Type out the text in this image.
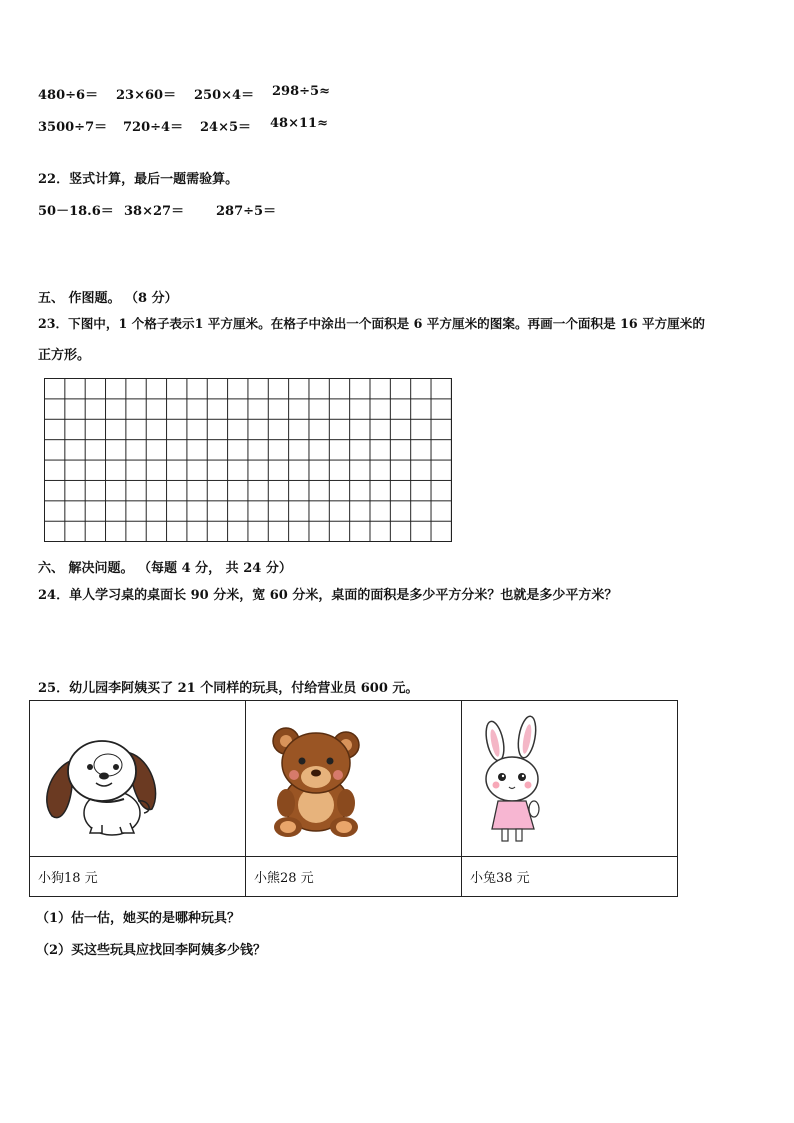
480÷6＝	23×60＝	250×4＝	298÷5≈
3500÷7＝	720÷4＝	24×5＝	48×11≈
22．竖式计算，最后一题需验算。
50－18.6＝ 38×27＝	287÷5＝
五、 作图题。 （8 分）
23．下图中，1 个格子表示1 平方厘米。在格子中涂出一个面积是 6 平方厘米的图案。再画一个面积是 16 平方厘米的
正方形。
六、 解决问题。 （每题 4 分， 共 24 分）
24．单人学习桌的桌面长 90 分米，宽 60 分米，桌面的面积是多少平方分米？也就是多少平方米？
25．幼儿园李阿姨买了 21 个同样的玩具，付给营业员 600 元。

小狗18 元	小熊28 元	小兔38 元
（1）估一估，她买的是哪种玩具？
（2）买这些玩具应找回李阿姨多少钱？
